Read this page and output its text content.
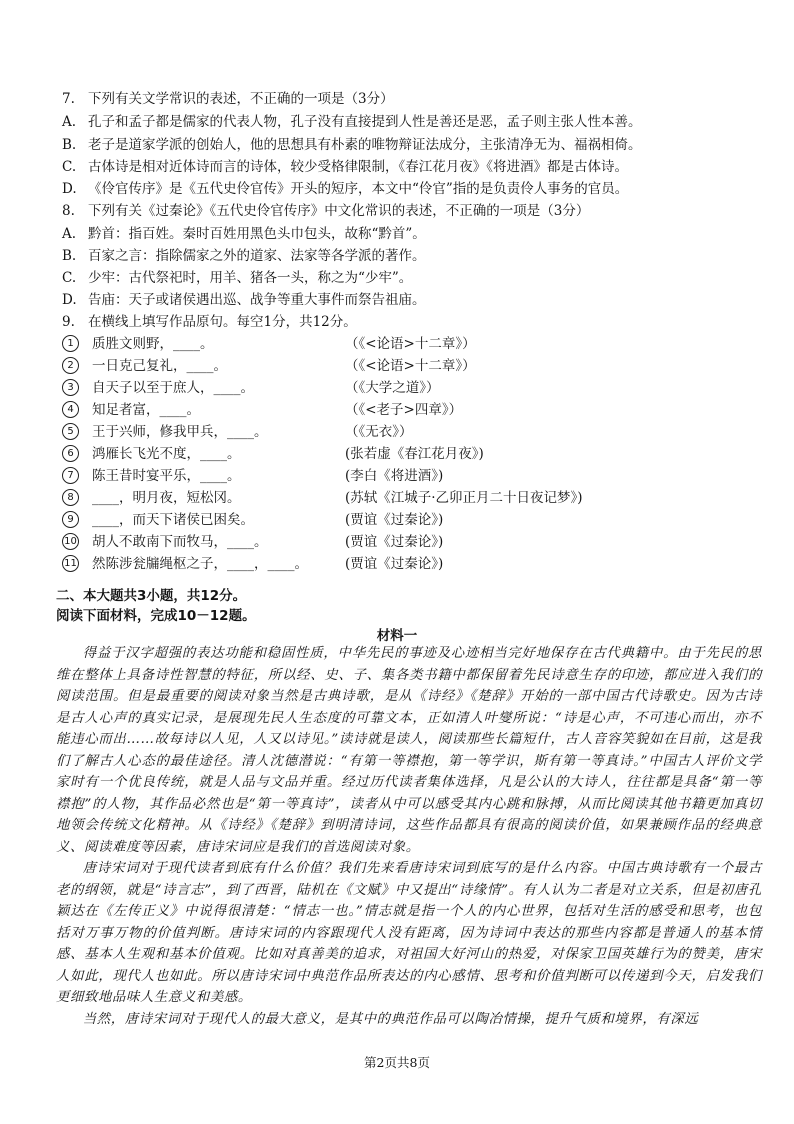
7. 下列有关文学常识的表述，不正确的一项是（3分）
A. 孔子和孟子都是儒家的代表人物，孔子没有直接提到人性是善还是恶，孟子则主张人性本善。
B. 老子是道家学派的创始人，他的思想具有朴素的唯物辩证法成分，主张清净无为、福祸相倚。
C. 古体诗是相对近体诗而言的诗体，较少受格律限制，《春江花月夜》《将进酒》都是古体诗。
D. 《伶官传序》是《五代史伶官传》开头的短序，本文中“伶官”指的是负责伶人事务的官员。
8. 下列有关《过秦论》《五代史伶官传序》中文化常识的表述，不正确的一项是（3分）
A. 黔首：指百姓。秦时百姓用黑色头巾包头，故称“黔首”。
B. 百家之言：指除儒家之外的道家、法家等各学派的著作。
C. 少牢：古代祭祀时，用羊、猪各一头，称之为“少牢”。
D. 告庙：天子或诸侯遇出巡、战争等重大事件而祭告祖庙。
9. 在横线上填写作品原句。每空1分，共12分。
1	质胜文则野，____。	（《<论语>十二章》）
2	一日克己复礼，____。	（《<论语>十二章》）
3	自天子以至于庶人，____。	（《大学之道》）
4	知足者富，____。	（《<老子>四章》）
5	王于兴师，修我甲兵，____。	（《无衣》）
6	鸿雁长飞光不度，____。	(张若虚《春江花月夜》)
7	陈王昔时宴平乐，____。	(李白《将进酒》)
8	____，明月夜，短松冈。	(苏轼《江城子·乙卯正月二十日夜记梦》)
9	____，而天下诸侯已困矣。	(贾谊《过秦论》)
10 胡人不敢南下而牧马，____。	(贾谊《过秦论》)
11 然陈涉瓮牖绳枢之子，____，____。	(贾谊《过秦论》)
二、本大题共3小题，共12分。
阅读下面材料，完成10－12题。
材料一

得益于汉字超强的表达功能和稳固性质，中华先民的事迹及心迹相当完好地保存在古代典籍中。由于先民的思维在整体上具备诗性智慧的特征，所以经、史、子、集各类书籍中都保留着先民诗意生存的印迹，都应进入我们的阅读范围。但是最重要的阅读对象当然是古典诗歌，是从《诗经》《楚辞》开始的一部中国古代诗歌史。因为古诗是古人心声的真实记录，是展现先民人生态度的可靠文本，正如清人叶燮所说：“诗是心声，不可违心而出，亦不能违心而出……故每诗以人见，人又以诗见。”读诗就是读人，阅读那些长篇短什，古人音容笑貌如在目前，这是我们了解古人心态的最佳途径。清人沈德潜说：“有第一等襟抱，第一等学识，斯有第一等真诗。”中国古人评价文学家时有一个优良传统，就是人品与文品并重。经过历代读者集体选择，凡是公认的大诗人，往往都是具备“第一等襟抱”的人物，其作品必然也是“第一等真诗”，读者从中可以感受其内心跳和脉搏，从而比阅读其他书籍更加真切地领会传统文化精神。从《诗经》《楚辞》到明清诗词，这些作品都具有很高的阅读价值，如果兼顾作品的经典意义、阅读难度等因素，唐诗宋词应是我们的首选阅读对象。

唐诗宋词对于现代读者到底有什么价值？我们先来看唐诗宋词到底写的是什么内容。中国古典诗歌有一个最古老的纲领，就是“诗言志”，到了西晋，陆机在《文赋》中又提出“诗缘情”。有人认为二者是对立关系，但是初唐孔颖达在《左传正义》中说得很清楚：“情志一也。”情志就是指一个人的内心世界，包括对生活的感受和思考，也包括对万事万物的价值判断。唐诗宋词的内容跟现代人没有距离，因为诗词中表达的那些内容都是普通人的基本情感、基本人生观和基本价值观。比如对真善美的追求，对祖国大好河山的热爱，对保家卫国英雄行为的赞美，唐宋人如此，现代人也如此。所以唐诗宋词中典范作品所表达的内心感情、思考和价值判断可以传递到今天，启发我们更细致地品味人生意义和美感。

当然，唐诗宋词对于现代人的最大意义，是其中的典范作品可以陶冶情操，提升气质和境界，有深远

第2页共8页
